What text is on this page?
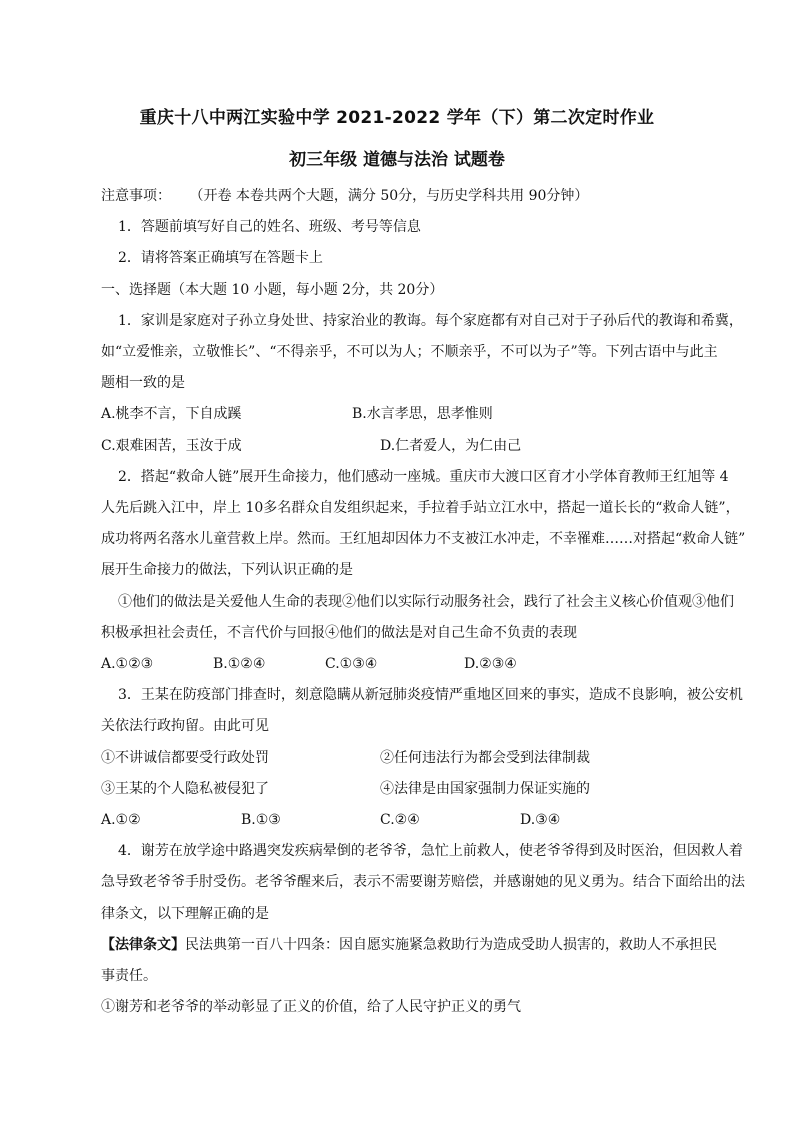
重庆十八中两江实验中学 2021-2022 学年（下）第二次定时作业
初三年级 道德与法治 试题卷
注意事项： （开卷 本卷共两个大题，满分 50分，与历史学科共用 90分钟）
1．答题前填写好自己的姓名、班级、考号等信息
2．请将答案正确填写在答题卡上
一、选择题（本大题 10 小题，每小题 2分，共 20分）
1．家训是家庭对子孙立身处世、持家治业的教诲。每个家庭都有对自己对于子孙后代的教诲和希冀，
如“立爱惟亲，立敬惟长”、“不得亲乎，不可以为人；不顺亲乎，不可以为子”等。下列古语中与此主
题相一致的是
A.桃李不言，下自成蹊	B.水言孝思，思孝惟则
C.艰难困苦，玉汝于成	D.仁者爱人，为仁由己
2．搭起“救命人链”展开生命接力，他们感动一座城。重庆市大渡口区育才小学体育教师王红旭等 4
人先后跳入江中，岸上 10多名群众自发组织起来，手拉着手站立江水中，搭起一道长长的“救命人链”，
成功将两名落水儿童营救上岸。然而。王红旭却因体力不支被江水冲走，不幸罹难……对搭起“救命人链”
展开生命接力的做法，下列认识正确的是
①他们的做法是关爱他人生命的表现②他们以实际行动服务社会，践行了社会主义核心价值观③他们
积极承担社会责任，不言代价与回报④他们的做法是对自己生命不负责的表现
A.①②③	B.①②④	C.①③④	D.②③④
3．王某在防疫部门排查时，刻意隐瞒从新冠肺炎疫情严重地区回来的事实，造成不良影响，被公安机
关依法行政拘留。由此可见
①不讲诚信都要受行政处罚	②任何违法行为都会受到法律制裁
③王某的个人隐私被侵犯了	④法律是由国家强制力保证实施的
A.①②	B.①③	C.②④	D.③④
4．谢芳在放学途中路遇突发疾病晕倒的老爷爷，急忙上前救人，使老爷爷得到及时医治，但因救人着
急导致老爷爷手肘受伤。老爷爷醒来后，表示不需要谢芳赔偿，并感谢她的见义勇为。结合下面给出的法
律条文，以下理解正确的是
【法律条文】民法典第一百八十四条：因自愿实施紧急救助行为造成受助人损害的，救助人不承担民
事责任。
①谢芳和老爷爷的举动彰显了正义的价值，给了人民守护正义的勇气
